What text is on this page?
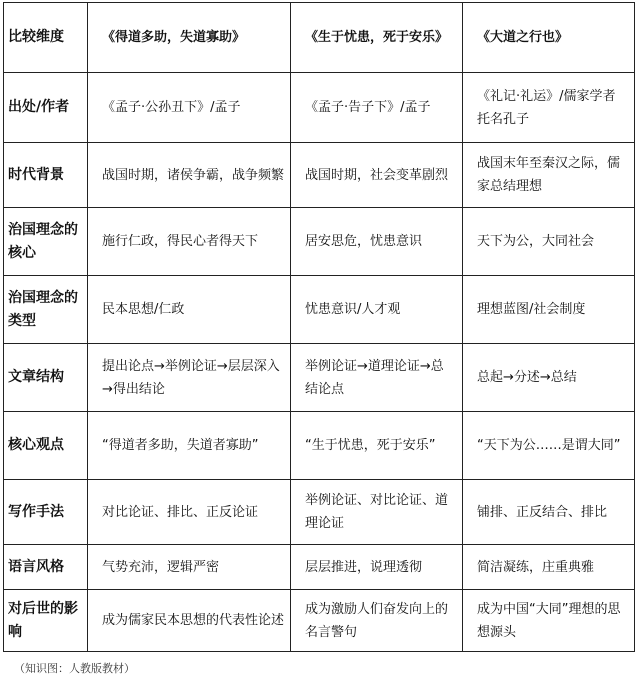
比较维度	《得道多助，失道寡助》	《生于忧患，死于安乐》	《大道之行也》
出处/作者	《孟子·公孙丑下》/孟子	《孟子·告子下》/孟子	《礼记·礼运》/儒家学者托名孔子
时代背景	战国时期，诸侯争霸，战争频繁	战国时期，社会变革剧烈	战国末年至秦汉之际，儒家总结理想
治国理念的核心	施行仁政，得民心者得天下	居安思危，忧患意识	天下为公，大同社会
治国理念的类型	民本思想/仁政	忧患意识/人才观	理想蓝图/社会制度
文章结构	提出论点→举例论证→层层深入→得出结论	举例论证→道理论证→总结论点	总起→分述→总结
核心观点	“得道者多助，失道者寡助”	“生于忧患，死于安乐”	“天下为公……是谓大同”
写作手法	对比论证、排比、正反论证	举例论证、对比论证、道理论证	铺排、正反结合、排比
语言风格	气势充沛，逻辑严密	层层推进，说理透彻	简洁凝练，庄重典雅
对后世的影响	成为儒家民本思想的代表性论述	成为激励人们奋发向上的名言警句	成为中国“大同”理想的思想源头
（知识图：人教版教材）
